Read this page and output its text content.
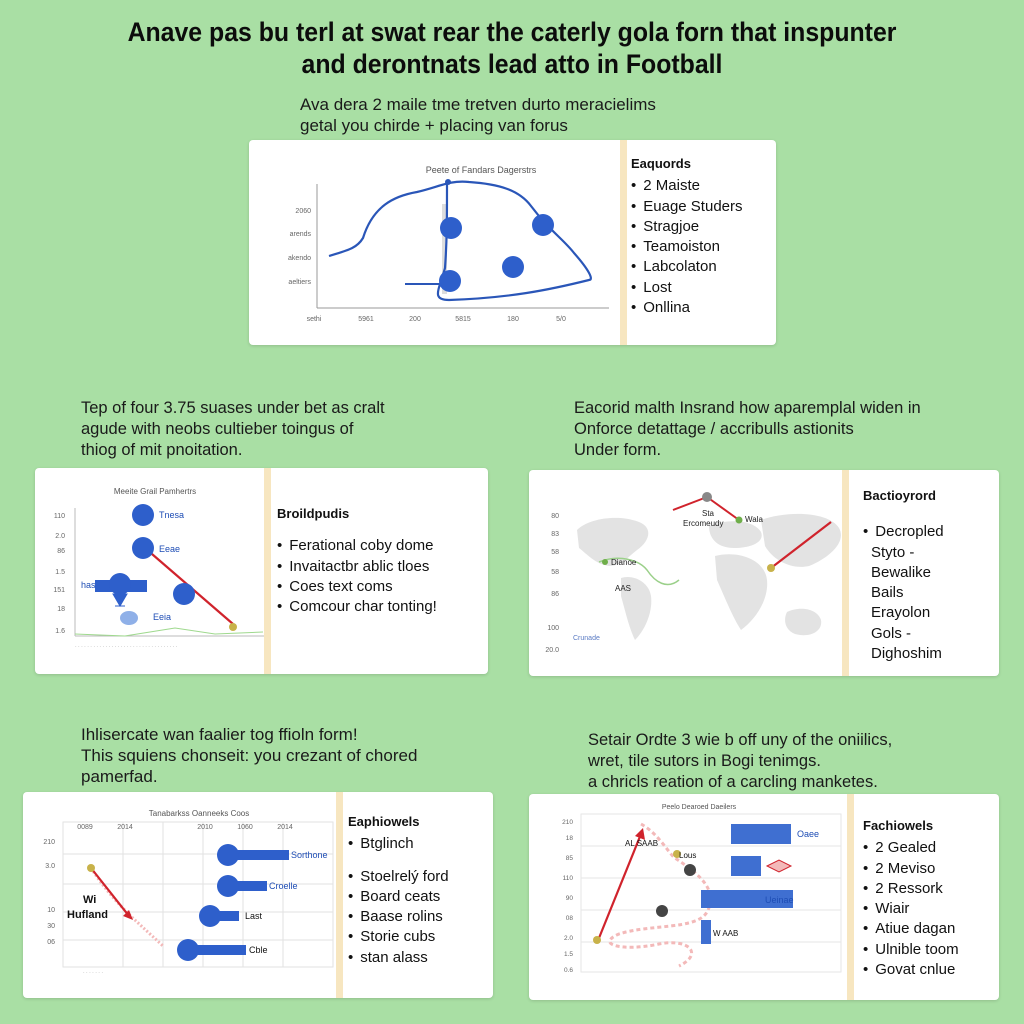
Anave pas bu terl at swat rear the caterly gola forn that inspunter
and derontnats lead atto in Football
Ava dera 2 maile tme tretven durto meracielims
getal you chirde + placing van forus
Peete of Fandars Dagerstrs
2060
arends
akendo
aeltiers
sethi	5961	200	5815	180	5/0
Eaquords
• 2 Maiste
• Euage Studers
• Stragjoe
• Teamoiston
• Labcolaton
• Lost
• Onllina
Tep of four 3.75 suases under bet as cralt
agude with neobs cultieber toingus of
thiog of mit pnoitation.
Meeite Grail Pamhertrs
110
2.0
86
1.5
151
18
1.6
Tnesa
Eeae
has
Eeia
· · · · · · · · · · · · · · · · · · · · · · · · · · · · · · · · · ·
Broildpudis
• Ferational coby dome
• Invaitactbr ablic tloes
• Coes text coms
• Comcour char tonting!
Eacorid malth Insrand how aparemplal widen in
Onforce detattage / accribulls astionits
Under form.
80
83
58
58
86
100
20.0
Sta
Ercomeudy	Wala
Dianoe
AAS
Crunade
Bactioyrord
• Decropled
Styto -
Bewalike
Bails
Erayolon
Gols -
Dighoshim
Ihlisercate wan faalier tog ffioln form!
This squiens chonseit: you crezant of chored
pamerfad.
Tanabarkss Oanneeks Coos
0089	2014	2010	1060	2014
210
3.0
10
30
06
Wi
Hufland
Sorthone
Croelle
Last
Cble
· · · · · · ·
Eaphiowels
• Btglinch
• Stoelrelý ford
• Board ceats
• Baase rolins
• Storie cubs
• stan alass
Setair Ordte 3 wie b off uny of the oniilics,
wret, tile sutors in Bogi tenimgs.
a chricls reation of a carcling manketes.
Peelo Dearoed Daeilers
210
18
85
110
90
08
2.0
1.5
0.6
AL SAAB
Lous
W AAB
Oaee
Ueinae
Fachiowels
• 2 Gealed
• 2 Meviso
• 2 Ressork
• Wiair
• Atiue dagan
• Ulnible toom
• Govat cnlue
